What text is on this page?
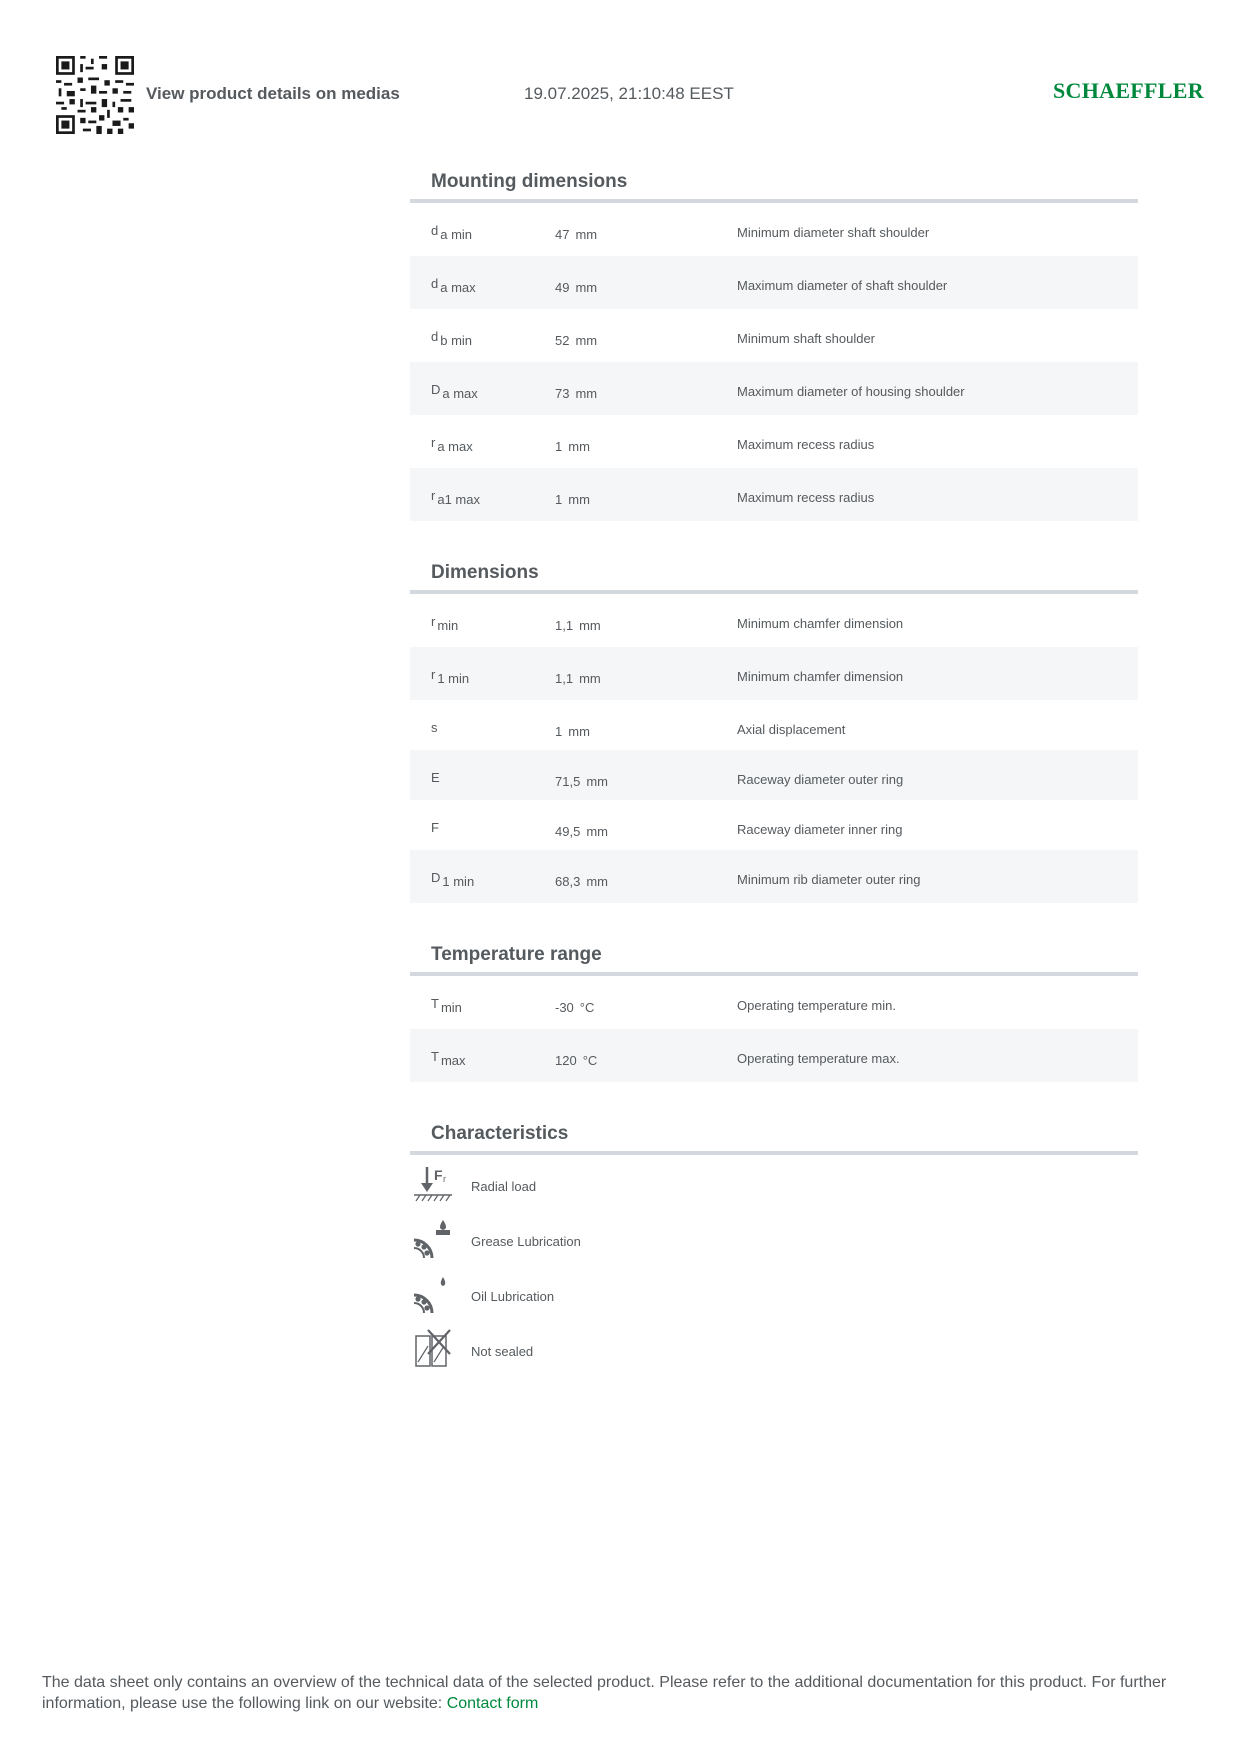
View product details on medias	19.07.2025, 21:10:48 EEST	SCHAEFFLER
Mounting dimensions
d a min	47 mm	Minimum diameter shaft shoulder
d a max	49 mm	Maximum diameter of shaft shoulder
d b min	52 mm	Minimum shaft shoulder
D a max	73 mm	Maximum diameter of housing shoulder
r a max	1 mm	Maximum recess radius
r a1 max	1 mm	Maximum recess radius
Dimensions
r min	1,1 mm	Minimum chamfer dimension
r 1 min	1,1 mm	Minimum chamfer dimension
s	1 mm	Axial displacement
E	71,5 mm	Raceway diameter outer ring
F	49,5 mm	Raceway diameter inner ring
D 1 min	68,3 mm	Minimum rib diameter outer ring
Temperature range
T min	-30 °C	Operating temperature min.
T max	120 °C	Operating temperature max.
Characteristics
F r Radial load
Grease Lubrication
Oil Lubrication
Not sealed
The data sheet only contains an overview of the technical data of the selected product. Please refer to the additional documentation for this product. For further information, please use the following link on our website: Contact form
